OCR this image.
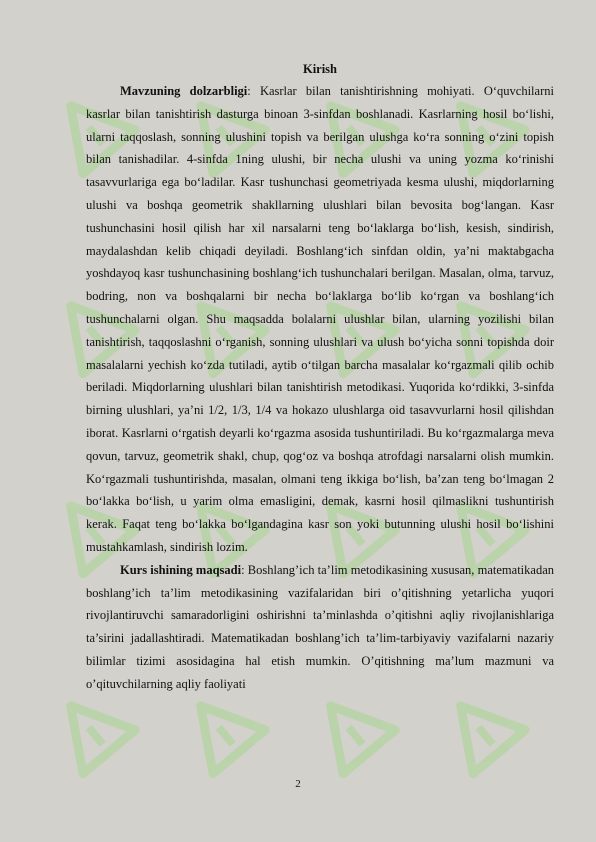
Kirish

Mavzuning dolzarbligi: Kasrlar bilan tanishtirishning mohiyati. O‘quvchilarni kasrlar bilan tanishtirish dasturga binoan 3-sinfdan boshlanadi. Kasrlarning hosil bo‘lishi, ularni taqqoslash, sonning ulushini topish va berilgan ulushga ko‘ra sonning o‘zini topish bilan tanishadilar. 4-sinfda 1ning ulushi, bir necha ulushi va uning yozma ko‘rinishi tasavvurlariga ega bo‘ladilar. Kasr tushunchasi geometriyada kesma ulushi, miqdorlarning ulushi va boshqa geometrik shakllarning ulushlari bilan bevosita bog‘langan. Kasr tushunchasini hosil qilish har xil narsalarni teng bo‘laklarga bo‘lish, kesish, sindirish, maydalashdan kelib chiqadi deyiladi. Boshlang‘ich sinfdan oldin, ya’ni maktabgacha yoshdayoq kasr tushunchasining boshlang‘ich tushunchalari berilgan. Masalan, olma, tarvuz, bodring, non va boshqalarni bir necha bo‘laklarga bo‘lib ko‘rgan va boshlang‘ich tushunchalarni olgan. Shu maqsadda bolalarni ulushlar bilan, ularning yozilishi bilan tanishtirish, taqqoslashni o‘rganish, sonning ulushlari va ulush bo‘yicha sonni topishda doir masalalarni yechish ko‘zda tutiladi, aytib o‘tilgan barcha masalalar ko‘rgazmali qilib ochib beriladi. Miqdorlarning ulushlari bilan tanishtirish metodikasi. Yuqorida ko‘rdikki, 3-sinfda birning ulushlari, ya’ni 1/2, 1/3, 1/4 va hokazo ulushlarga oid tasavvurlarni hosil qilishdan iborat. Kasrlarni o‘rgatish deyarli ko‘rgazma asosida tushuntiriladi. Bu ko‘rgazmalarga meva qovun, tarvuz, geometrik shakl, chup, qog‘oz va boshqa atrofdagi narsalarni olish mumkin. Ko‘rgazmali tushuntirishda, masalan, olmani teng ikkiga bo‘lish, ba’zan teng bo‘lmagan 2 bo‘lakka bo‘lish, u yarim olma emasligini, demak, kasrni hosil qilmaslikni tushuntirish kerak. Faqat teng bo‘lakka bo‘lgandagina kasr son yoki butunning ulushi hosil bo‘lishini mustahkamlash, sindirish lozim.

Kurs ishining maqsadi: Boshlang’ich ta’lim metodikasining xususan, matematikadan boshlang’ich ta’lim metodikasining vazifalaridan biri o’qitishning yetarlicha yuqori rivojlantiruvchi samaradorligini oshirishni ta’minlashda o’qitishni aqliy rivojlanishlariga ta’sirini jadallashtiradi. Matematikadan boshlang’ich ta’lim-tarbiyaviy vazifalarni nazariy bilimlar tizimi asosidagina hal etish mumkin. O’qitishning ma’lum mazmuni va o’qituvchilarning aqliy faoliyati

2
